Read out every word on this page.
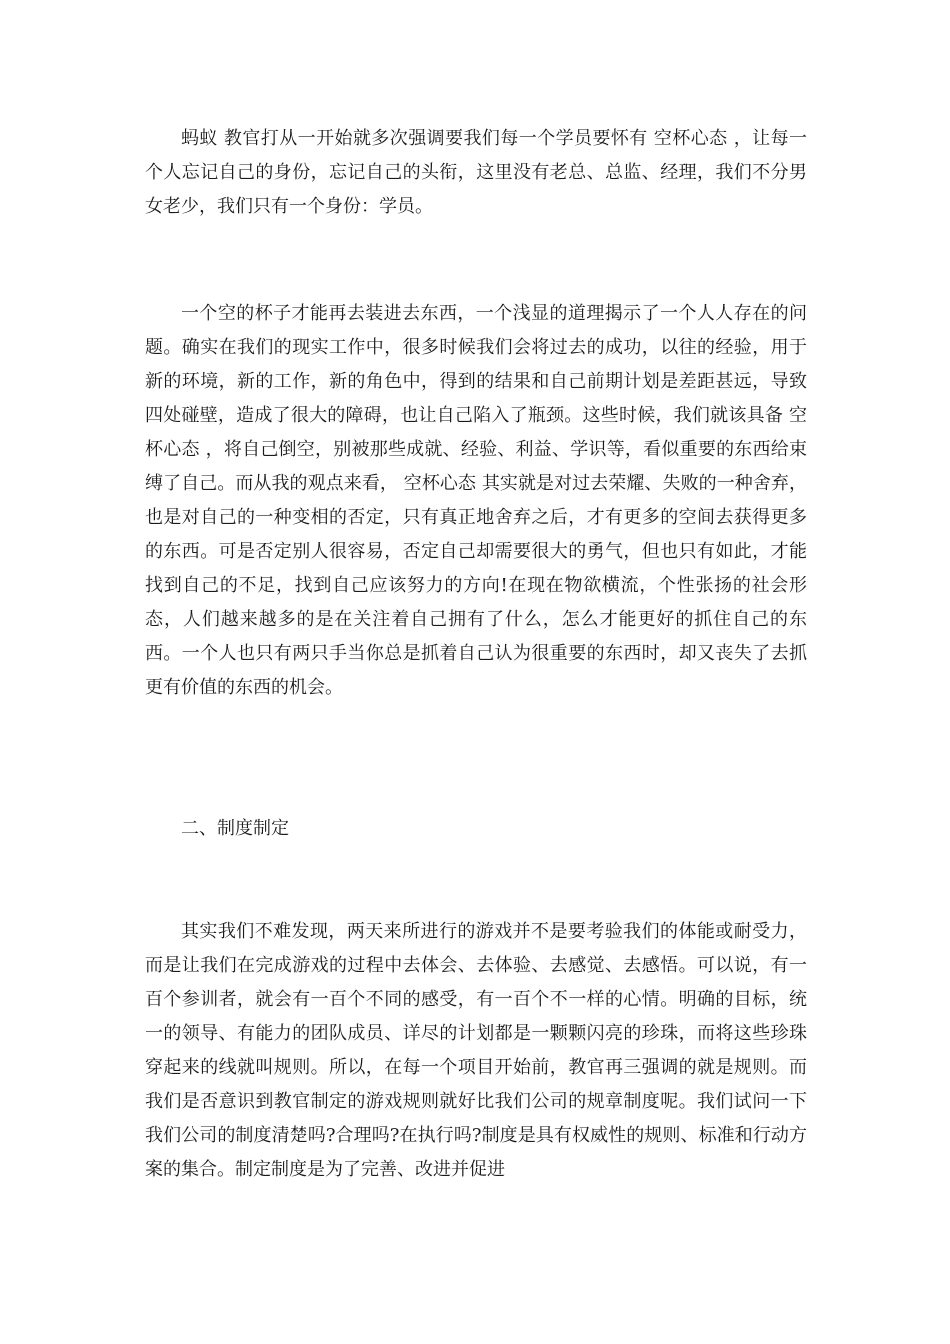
蚂蚁 教官打从一开始就多次强调要我们每一个学员要怀有 空杯心态 ，让每一个人忘记自己的身份，忘记自己的头衔，这里没有老总、总监、经理，我们不分男女老少，我们只有一个身份：学员。

一个空的杯子才能再去装进去东西，一个浅显的道理揭示了一个人人存在的问题。确实在我们的现实工作中，很多时候我们会将过去的成功，以往的经验，用于新的环境，新的工作，新的角色中，得到的结果和自己前期计划是差距甚远，导致四处碰壁，造成了很大的障碍，也让自己陷入了瓶颈。这些时候，我们就该具备 空杯心态 ，将自己倒空，别被那些成就、经验、利益、学识等，看似重要的东西给束缚了自己。而从我的观点来看， 空杯心态 其实就是对过去荣耀、失败的一种舍弃，也是对自己的一种变相的否定，只有真正地舍弃之后，才有更多的空间去获得更多的东西。可是否定别人很容易，否定自己却需要很大的勇气，但也只有如此，才能找到自己的不足，找到自己应该努力的方向!在现在物欲横流，个性张扬的社会形态，人们越来越多的是在关注着自己拥有了什么，怎么才能更好的抓住自己的东西。一个人也只有两只手当你总是抓着自己认为很重要的东西时，却又丧失了去抓更有价值的东西的机会。

二、制度制定

其实我们不难发现，两天来所进行的游戏并不是要考验我们的体能或耐受力，而是让我们在完成游戏的过程中去体会、去体验、去感觉、去感悟。可以说，有一百个参训者，就会有一百个不同的感受，有一百个不一样的心情。明确的目标，统一的领导、有能力的团队成员、详尽的计划都是一颗颗闪亮的珍珠，而将这些珍珠穿起来的线就叫规则。所以，在每一个项目开始前，教官再三强调的就是规则。而我们是否意识到教官制定的游戏规则就好比我们公司的规章制度呢。我们试问一下我们公司的制度清楚吗?合理吗?在执行吗?制度是具有权威性的规则、标准和行动方案的集合。制定制度是为了完善、改进并促进
